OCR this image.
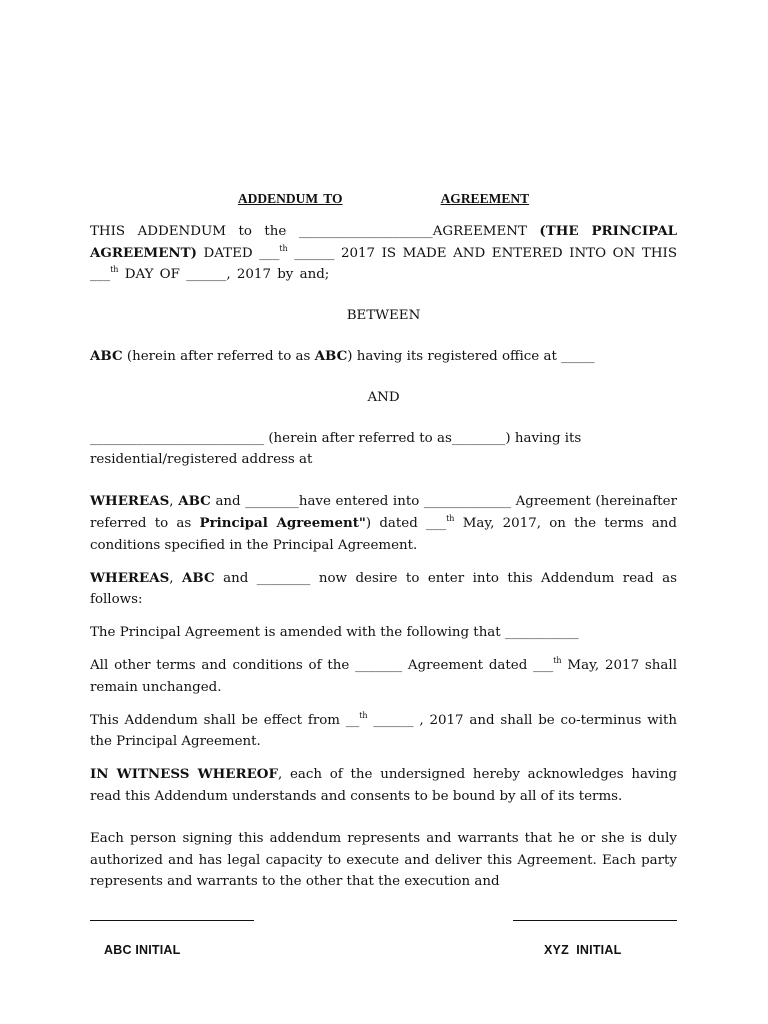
ADDENDUM TO	AGREEMENT

THIS ADDENDUM to the ____________________AGREEMENT (THE PRINCIPAL AGREEMENT) DATED ___$^{th}$ ______ 2017 IS MADE AND ENTERED INTO ON THIS ___$^{th}$ DAY OF ______, 2017 by and;

BETWEEN

ABC (herein after referred to as ABC) having its registered office at _____

AND

__________________________ (herein after referred to as________) having its residential/registered address at

WHEREAS, ABC and ________have entered into _____________ Agreement (hereinafter referred to as Principal Agreement") dated ___$^{th}$ May, 2017, on the terms and conditions specified in the Principal Agreement.

WHEREAS, ABC and ________ now desire to enter into this Addendum read as follows:

The Principal Agreement is amended with the following that ___________

All other terms and conditions of the _______ Agreement dated ___$^{th}$ May, 2017 shall remain unchanged.

This Addendum shall be effect from __$^{th}$ ______ , 2017 and shall be co-terminus with the Principal Agreement.

IN WITNESS WHEREOF, each of the undersigned hereby acknowledges having read this Addendum understands and consents to be bound by all of its terms.

Each person signing this addendum represents and warrants that he or she is duly authorized and has legal capacity to execute and deliver this Agreement. Each party represents and warrants to the other that the execution and

ABC INITIAL	XYZ  INITIAL
